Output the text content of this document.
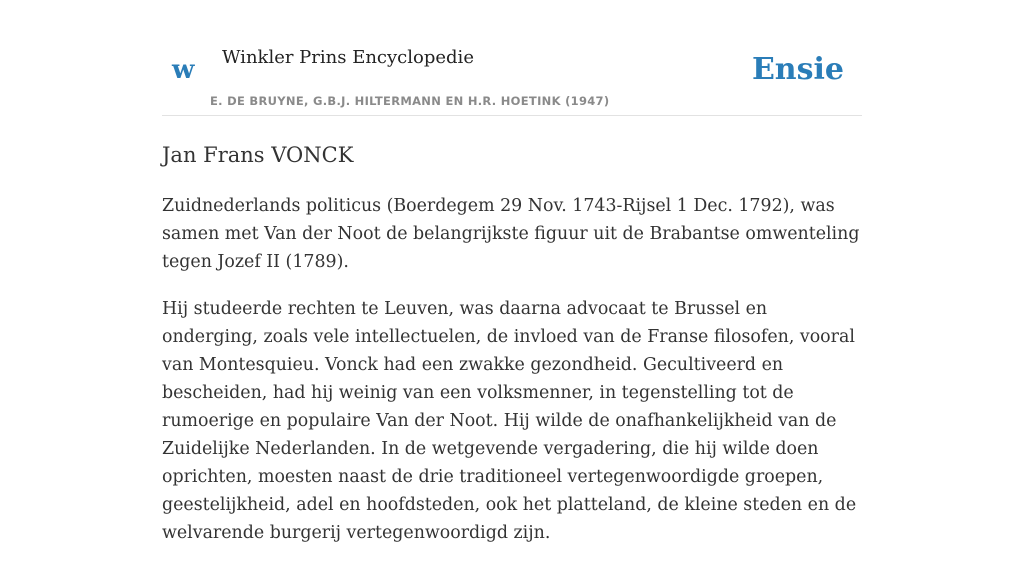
w Winkler Prins Encyclopedie
E. DE BRUYNE, G.B.J. HILTERMANN EN H.R. HOETINK (1947)
Ensie
Jan Frans VONCK

Zuidnederlands politicus (Boerdegem 29 Nov. 1743-Rijsel 1 Dec. 1792), was samen met Van der Noot de belangrijkste figuur uit de Brabantse omwenteling tegen Jozef II (1789).

Hij studeerde rechten te Leuven, was daarna advocaat te Brussel en onderging, zoals vele intellectuelen, de invloed van de Franse filosofen, vooral van Montesquieu. Vonck had een zwakke gezondheid. Gecultiveerd en bescheiden, had hij weinig van een volksmenner, in tegenstelling tot de rumoerige en populaire Van der Noot. Hij wilde de onafhankelijkheid van de Zuidelijke Nederlanden. In de wetgevende vergadering, die hij wilde doen oprichten, moesten naast de drie traditioneel vertegenwoordigde groepen, geestelijkheid, adel en hoofdsteden, ook het platteland, de kleine steden en de welvarende burgerij vertegenwoordigd zijn.
